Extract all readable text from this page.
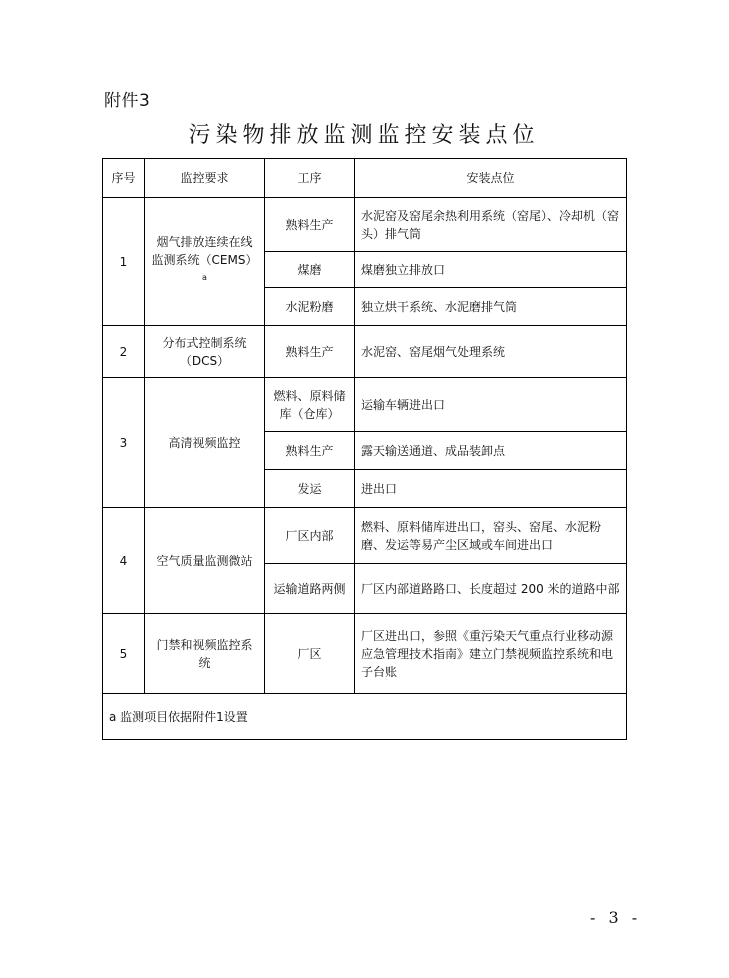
附件3
污染物排放监测监控安装点位
序号	监控要求	工序	安装点位
1	烟气排放连续在线监测系统（CEMS）$^a$	熟料生产	水泥窑及窑尾余热利用系统（窑尾）、冷却机（窑头）排气筒
		煤磨	煤磨独立排放口
		水泥粉磨	独立烘干系统、水泥磨排气筒
2	分布式控制系统（DCS）	熟料生产	水泥窑、窑尾烟气处理系统
3	高清视频监控	燃料、原料储库（仓库）	运输车辆进出口
		熟料生产	露天输送通道、成品装卸点
		发运	进出口
4	空气质量监测微站	厂区内部	燃料、原料储库进出口，窑头、窑尾、水泥粉磨、发运等易产尘区域或车间进出口
		运输道路两侧	厂区内部道路路口、长度超过 200 米的道路中部
5	门禁和视频监控系统	厂区	厂区进出口，参照《重污染天气重点行业移动源应急管理技术指南》建立门禁视频监控系统和电子台账
a 监测项目依据附件1设置			
- 3 -
